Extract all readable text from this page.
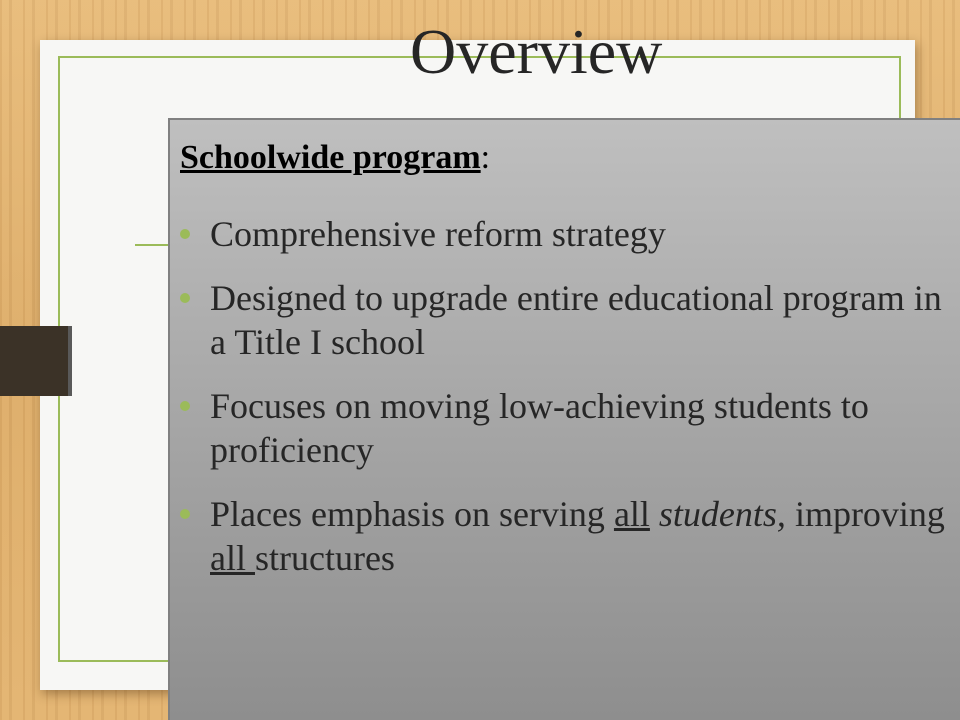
Overview
Schoolwide program:
Comprehensive reform strategy
Designed to upgrade entire educational program in a Title I school
Focuses on moving low-achieving students to proficiency
Places emphasis on serving all students, improving all structures
